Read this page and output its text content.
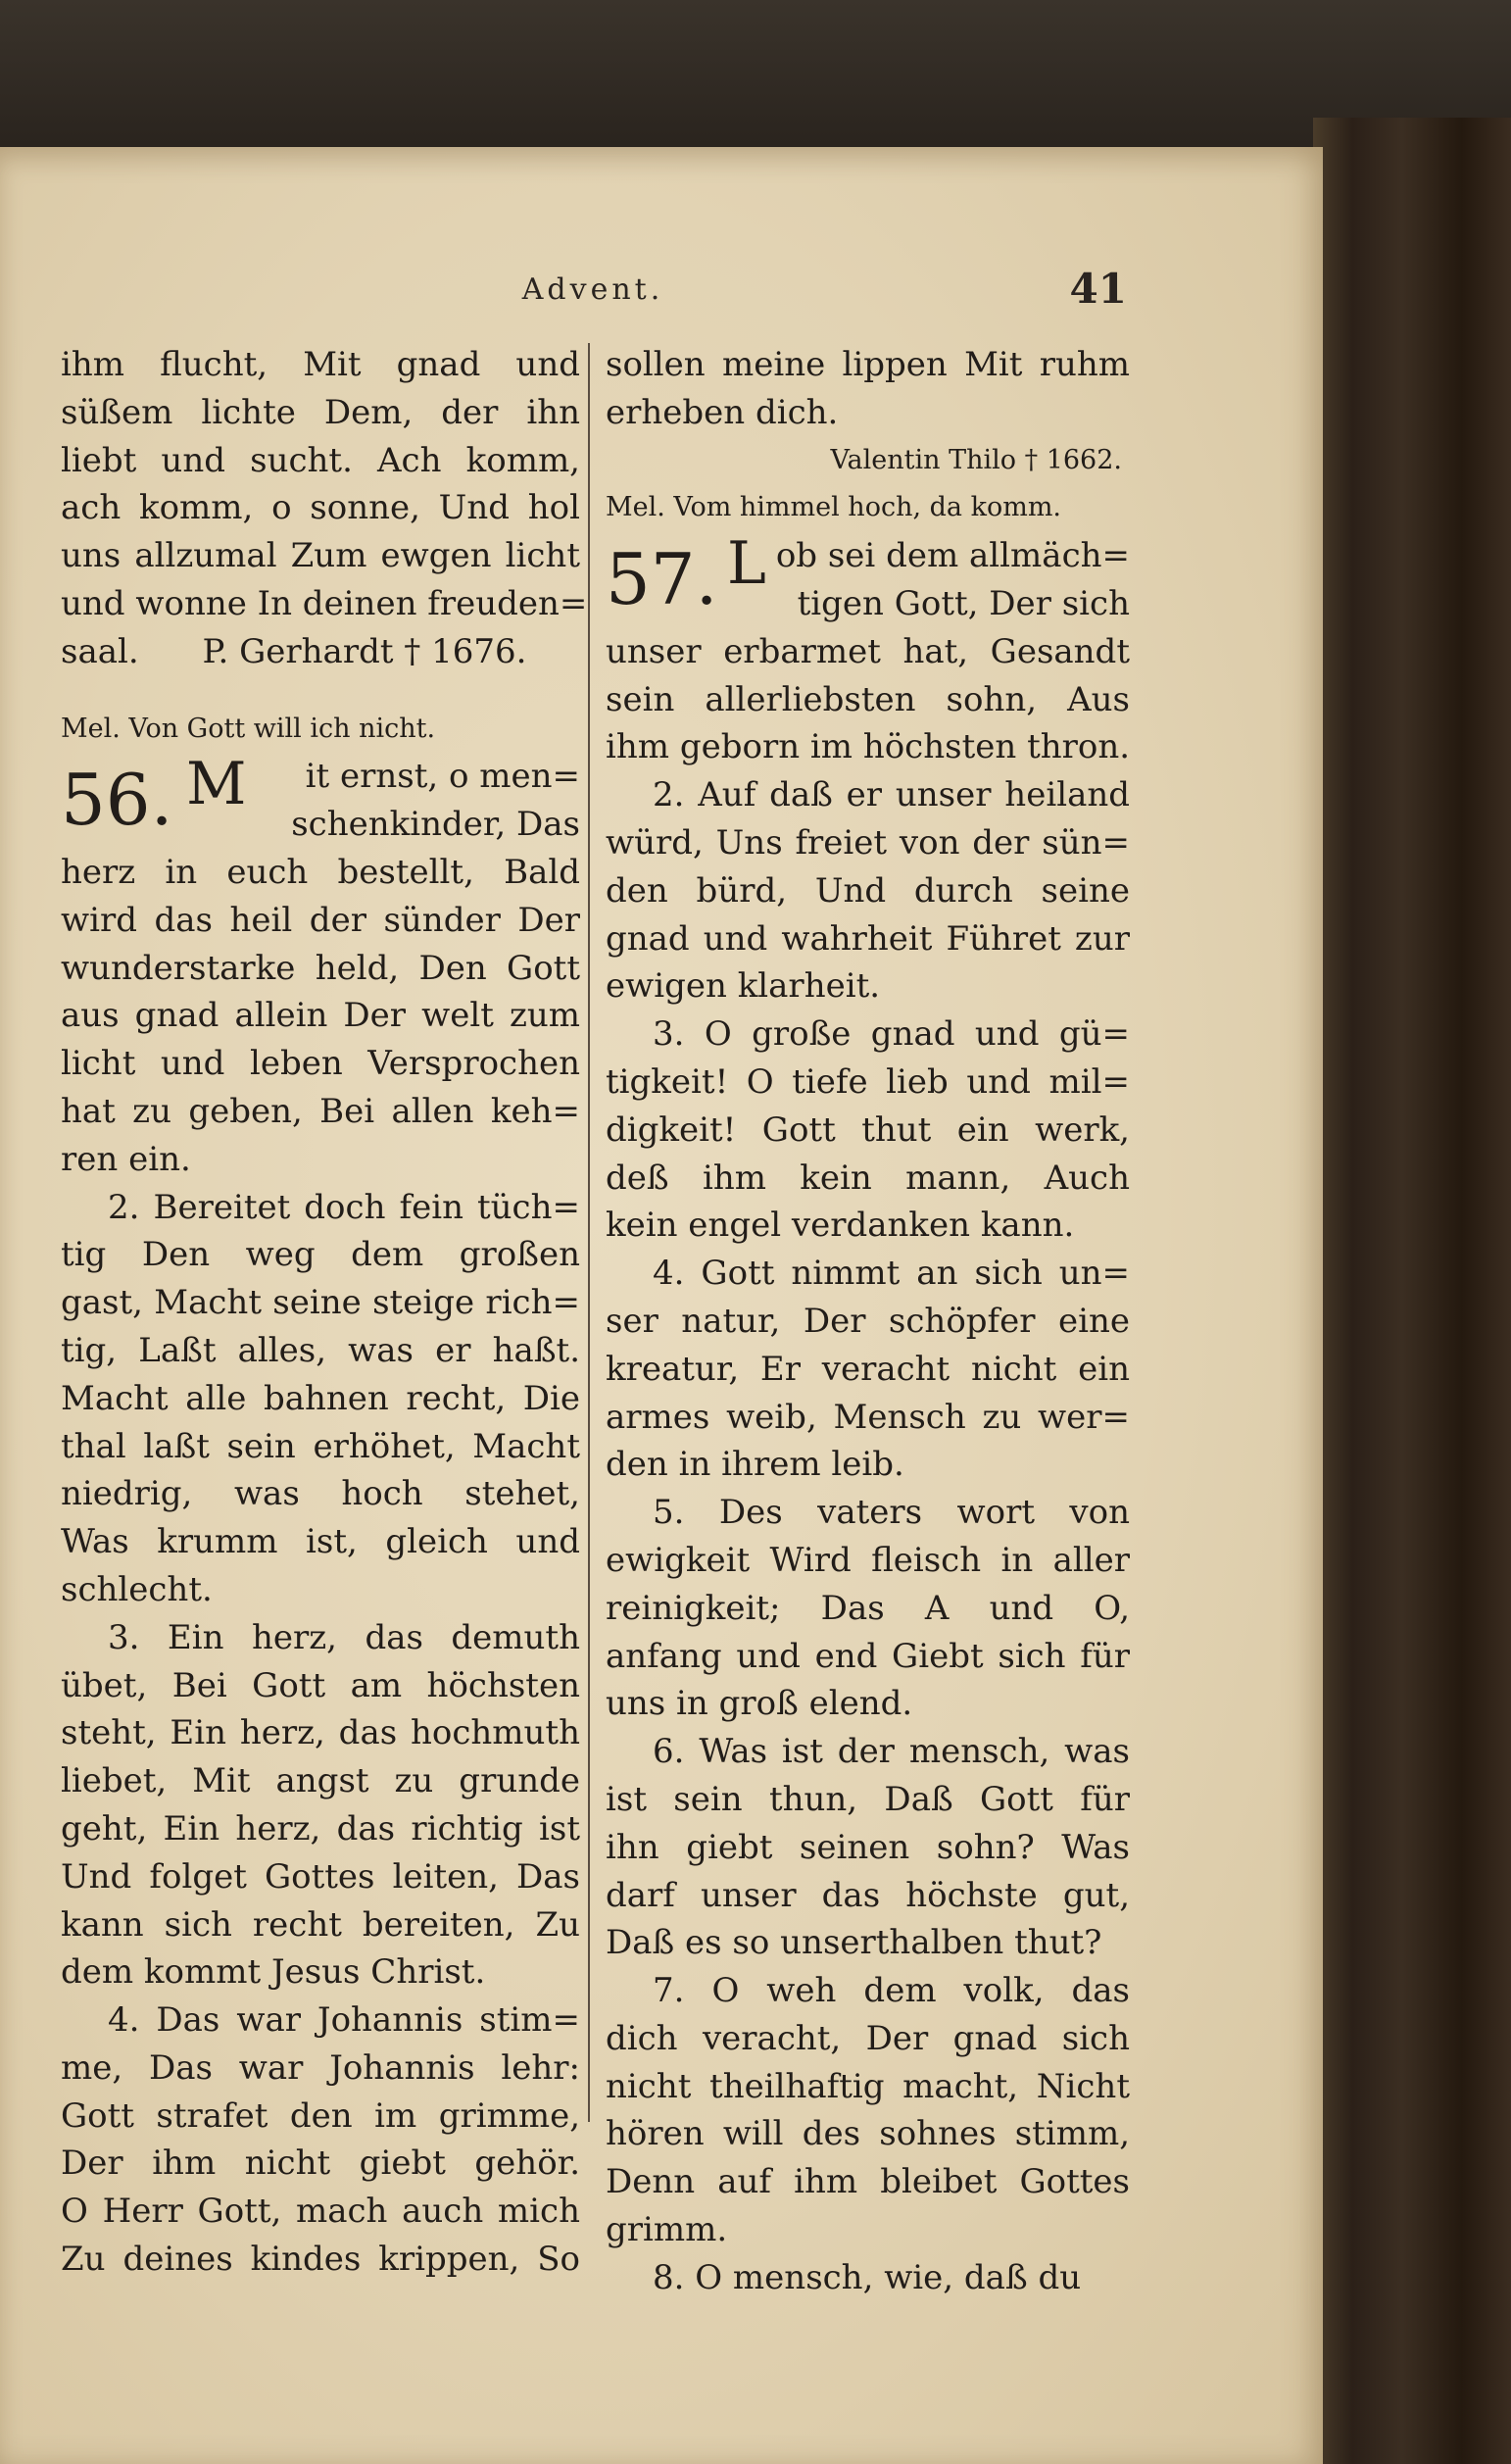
Advent.	41
ihm flucht, Mit gnad und
süßem lichte Dem, der ihn
liebt und sucht. Ach komm,
ach komm, o sonne, Und hol
uns allzumal Zum ewgen licht
und wonne In deinen freuden=
saal.      P. Gerhardt † 1676.
Mel. Von Gott will ich nicht.
56. M it ernst, o men=
schenkinder, Das
herz in euch bestellt, Bald
wird das heil der sünder Der
wunderstarke held, Den Gott
aus gnad allein Der welt zum
licht und leben Versprochen
hat zu geben, Bei allen keh=
ren ein.
2. Bereitet doch fein tüch=
tig Den weg dem großen
gast, Macht seine steige rich=
tig, Laßt alles, was er haßt.
Macht alle bahnen recht, Die
thal laßt sein erhöhet, Macht
niedrig, was hoch stehet,
Was krumm ist, gleich und
schlecht.
3. Ein herz, das demuth
übet, Bei Gott am höchsten
steht, Ein herz, das hochmuth
liebet, Mit angst zu grunde
geht, Ein herz, das richtig ist
Und folget Gottes leiten, Das
kann sich recht bereiten, Zu
dem kommt Jesus Christ.
4. Das war Johannis stim=
me, Das war Johannis lehr:
Gott strafet den im grimme,
Der ihm nicht giebt gehör.
O Herr Gott, mach auch mich
Zu deines kindes krippen, So
sollen meine lippen Mit ruhm
erheben dich.
Valentin Thilo † 1662.
Mel. Vom himmel hoch, da komm.
57. L ob sei dem allmäch=
tigen Gott, Der sich
unser erbarmet hat, Gesandt
sein allerliebsten sohn, Aus
ihm geborn im höchsten thron.
2. Auf daß er unser heiland
würd, Uns freiet von der sün=
den bürd, Und durch seine
gnad und wahrheit Führet zur
ewigen klarheit.
3. O große gnad und gü=
tigkeit! O tiefe lieb und mil=
digkeit! Gott thut ein werk,
deß ihm kein mann, Auch
kein engel verdanken kann.
4. Gott nimmt an sich un=
ser natur, Der schöpfer eine
kreatur, Er veracht nicht ein
armes weib, Mensch zu wer=
den in ihrem leib.
5. Des vaters wort von
ewigkeit Wird fleisch in aller
reinigkeit; Das A und O,
anfang und end Giebt sich für
uns in groß elend.
6. Was ist der mensch, was
ist sein thun, Daß Gott für
ihn giebt seinen sohn? Was
darf unser das höchste gut,
Daß es so unserthalben thut?
7. O weh dem volk, das
dich veracht, Der gnad sich
nicht theilhaftig macht, Nicht
hören will des sohnes stimm,
Denn auf ihm bleibet Gottes
grimm.
8. O mensch, wie, daß du
